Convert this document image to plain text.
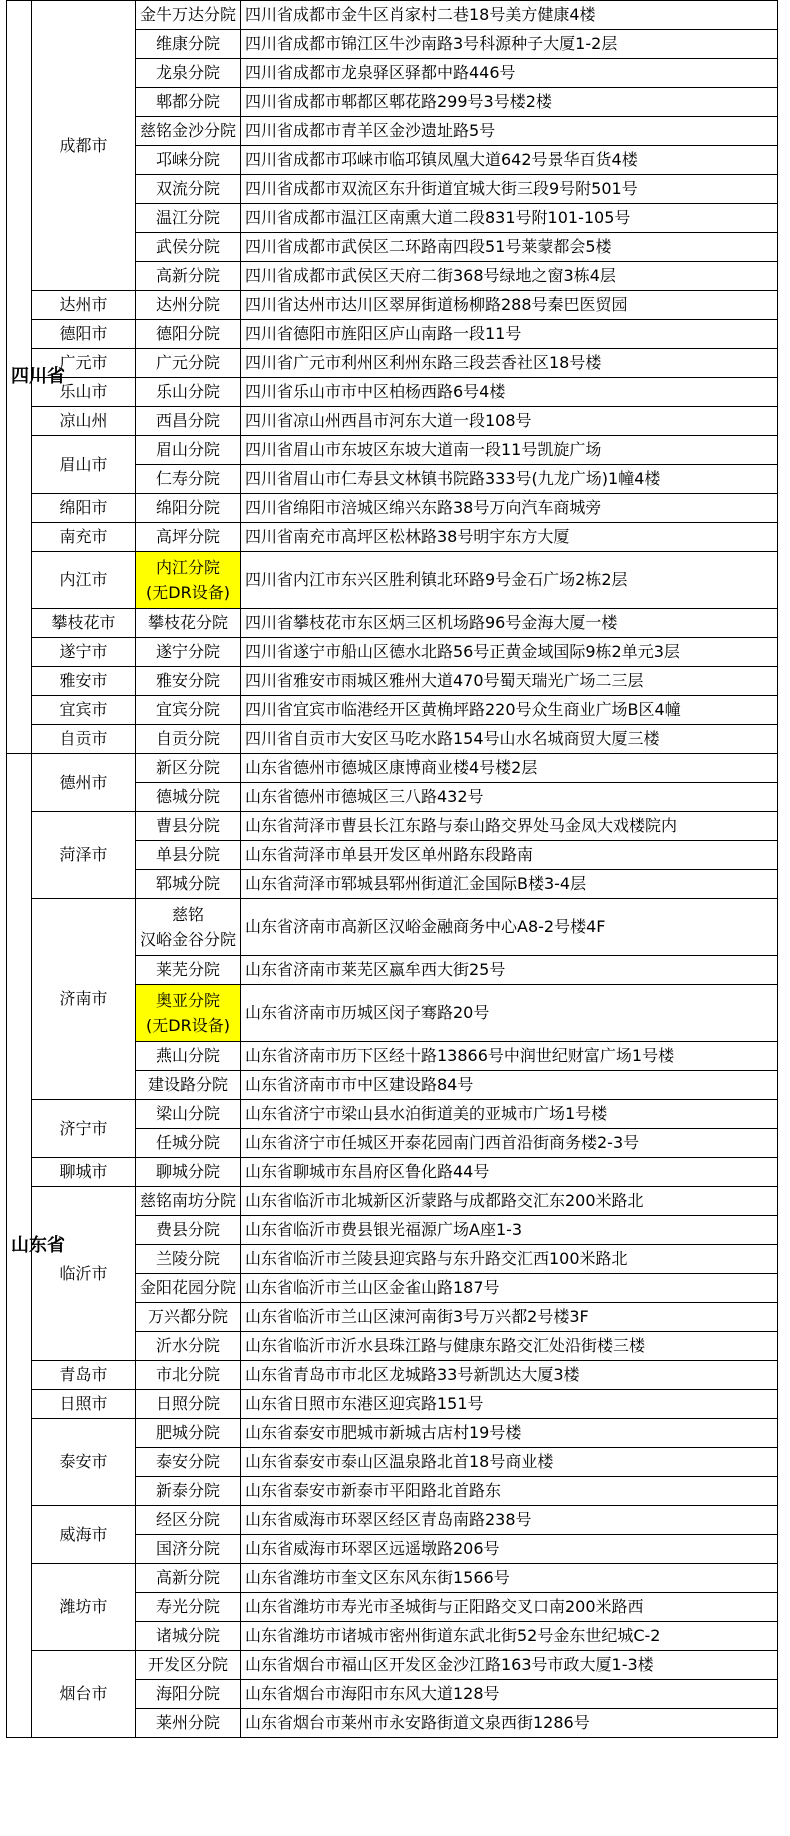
四川省	成都市	金牛万达分院	四川省成都市金牛区肖家村二巷18号美方健康4楼
		维康分院	四川省成都市锦江区牛沙南路3号科源种子大厦1-2层
		龙泉分院	四川省成都市龙泉驿区驿都中路446号
		郫都分院	四川省成都市郫都区郫花路299号3号楼2楼
		慈铭金沙分院	四川省成都市青羊区金沙遗址路5号
		邛崃分院	四川省成都市邛崃市临邛镇凤凰大道642号景华百货4楼
		双流分院	四川省成都市双流区东升街道宜城大街三段9号附501号
		温江分院	四川省成都市温江区南熏大道二段831号附101-105号
		武侯分院	四川省成都市武侯区二环路南四段51号莱蒙都会5楼
		高新分院	四川省成都市武侯区天府二街368号绿地之窗3栋4层
	达州市	达州分院	四川省达州市达川区翠屏街道杨柳路288号秦巴医贸园
	德阳市	德阳分院	四川省德阳市旌阳区庐山南路一段11号
	广元市	广元分院	四川省广元市利州区利州东路三段芸香社区18号楼
	乐山市	乐山分院	四川省乐山市市中区柏杨西路6号4楼
	凉山州	西昌分院	四川省凉山州西昌市河东大道一段108号
	眉山市	眉山分院	四川省眉山市东坡区东坡大道南一段11号凯旋广场
		仁寿分院	四川省眉山市仁寿县文林镇书院路333号(九龙广场)1幢4楼
	绵阳市	绵阳分院	四川省绵阳市涪城区绵兴东路38号万向汽车商城旁
	南充市	高坪分院	四川省南充市高坪区松林路38号明宇东方大厦
	内江市	内江分院
(无DR设备)	四川省内江市东兴区胜利镇北环路9号金石广场2栋2层
	攀枝花市	攀枝花分院	四川省攀枝花市东区炳三区机场路96号金海大厦一楼
	遂宁市	遂宁分院	四川省遂宁市船山区德水北路56号正黄金域国际9栋2单元3层
	雅安市	雅安分院	四川省雅安市雨城区雅州大道470号蜀天瑞光广场二三层
	宜宾市	宜宾分院	四川省宜宾市临港经开区黄桷坪路220号众生商业广场B区4幢
	自贡市	自贡分院	四川省自贡市大安区马吃水路154号山水名城商贸大厦三楼
山东省	德州市	新区分院	山东省德州市德城区康博商业楼4号楼2层
		德城分院	山东省德州市德城区三八路432号
	菏泽市	曹县分院	山东省菏泽市曹县长江东路与泰山路交界处马金凤大戏楼院内
		单县分院	山东省菏泽市单县开发区单州路东段路南
		郓城分院	山东省菏泽市郓城县郓州街道汇金国际B楼3-4层
	济南市	慈铭
汉峪金谷分院	山东省济南市高新区汉峪金融商务中心A8-2号楼4F
		莱芜分院	山东省济南市莱芜区嬴牟西大街25号
		奥亚分院
(无DR设备)	山东省济南市历城区闵子骞路20号
		燕山分院	山东省济南市历下区经十路13866号中润世纪财富广场1号楼
		建设路分院	山东省济南市市中区建设路84号
	济宁市	梁山分院	山东省济宁市梁山县水泊街道美的亚城市广场1号楼
		任城分院	山东省济宁市任城区开泰花园南门西首沿街商务楼2-3号
	聊城市	聊城分院	山东省聊城市东昌府区鲁化路44号
	临沂市	慈铭南坊分院	山东省临沂市北城新区沂蒙路与成都路交汇东200米路北
		费县分院	山东省临沂市费县银光福源广场A座1-3
		兰陵分院	山东省临沂市兰陵县迎宾路与东升路交汇西100米路北
		金阳花园分院	山东省临沂市兰山区金雀山路187号
		万兴都分院	山东省临沂市兰山区涑河南街3号万兴都2号楼3F
		沂水分院	山东省临沂市沂水县珠江路与健康东路交汇处沿街楼三楼
	青岛市	市北分院	山东省青岛市市北区龙城路33号新凯达大厦3楼
	日照市	日照分院	山东省日照市东港区迎宾路151号
	泰安市	肥城分院	山东省泰安市肥城市新城古店村19号楼
		泰安分院	山东省泰安市泰山区温泉路北首18号商业楼
		新泰分院	山东省泰安市新泰市平阳路北首路东
	威海市	经区分院	山东省威海市环翠区经区青岛南路238号
		国济分院	山东省威海市环翠区远遥墩路206号
	潍坊市	高新分院	山东省潍坊市奎文区东风东街1566号
		寿光分院	山东省潍坊市寿光市圣城街与正阳路交叉口南200米路西
		诸城分院	山东省潍坊市诸城市密州街道东武北街52号金东世纪城C-2
	烟台市	开发区分院	山东省烟台市福山区开发区金沙江路163号市政大厦1-3楼
		海阳分院	山东省烟台市海阳市东风大道128号
		莱州分院	山东省烟台市莱州市永安路街道文泉西街1286号
